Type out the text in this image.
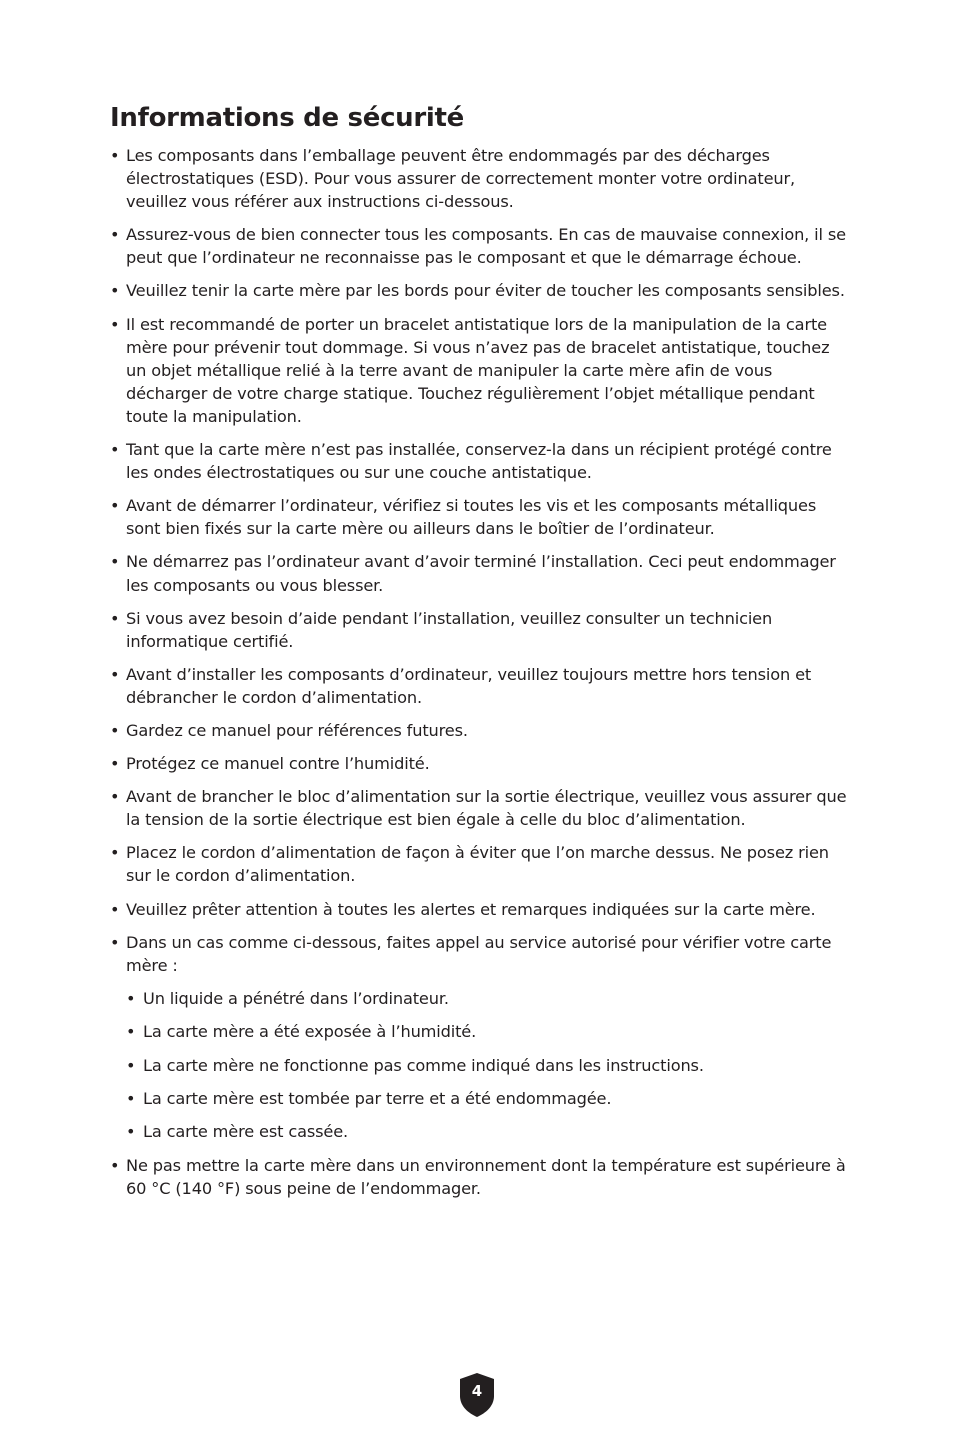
Informations de sécurité
• Les composants dans l’emballage peuvent être endommagés par des décharges électrostatiques (ESD). Pour vous assurer de correctement monter votre ordinateur, veuillez vous référer aux instructions ci-dessous.
• Assurez-vous de bien connecter tous les composants. En cas de mauvaise connexion, il se peut que l’ordinateur ne reconnaisse pas le composant et que le démarrage échoue.
• Veuillez tenir la carte mère par les bords pour éviter de toucher les composants sensibles.
• Il est recommandé de porter un bracelet antistatique lors de la manipulation de la carte mère pour prévenir tout dommage. Si vous n’avez pas de bracelet antistatique, touchez un objet métallique relié à la terre avant de manipuler la carte mère afin de vous décharger de votre charge statique. Touchez régulièrement l’objet métallique pendant toute la manipulation.
• Tant que la carte mère n’est pas installée, conservez-la dans un récipient protégé contre les ondes électrostatiques ou sur une couche antistatique.
• Avant de démarrer l’ordinateur, vérifiez si toutes les vis et les composants métalliques sont bien fixés sur la carte mère ou ailleurs dans le boîtier de l’ordinateur.
• Ne démarrez pas l’ordinateur avant d’avoir terminé l’installation. Ceci peut endommager les composants ou vous blesser.
• Si vous avez besoin d’aide pendant l’installation, veuillez consulter un technicien informatique certifié.
• Avant d’installer les composants d’ordinateur, veuillez toujours mettre hors tension et débrancher le cordon d’alimentation.
• Gardez ce manuel pour références futures.
• Protégez ce manuel contre l’humidité.
• Avant de brancher le bloc d’alimentation sur la sortie électrique, veuillez vous assurer que la tension de la sortie électrique est bien égale à celle du bloc d’alimentation.
• Placez le cordon d’alimentation de façon à éviter que l’on marche dessus. Ne posez rien sur le cordon d’alimentation.
• Veuillez prêter attention à toutes les alertes et remarques indiquées sur la carte mère.
• Dans un cas comme ci-dessous, faites appel au service autorisé pour vérifier votre carte mère :
• Un liquide a pénétré dans l’ordinateur.
• La carte mère a été exposée à l’humidité.
• La carte mère ne fonctionne pas comme indiqué dans les instructions.
• La carte mère est tombée par terre et a été endommagée.
• La carte mère est cassée.
• Ne pas mettre la carte mère dans un environnement dont la température est supérieure à 60 °C (140 °F) sous peine de l’endommager.
4
